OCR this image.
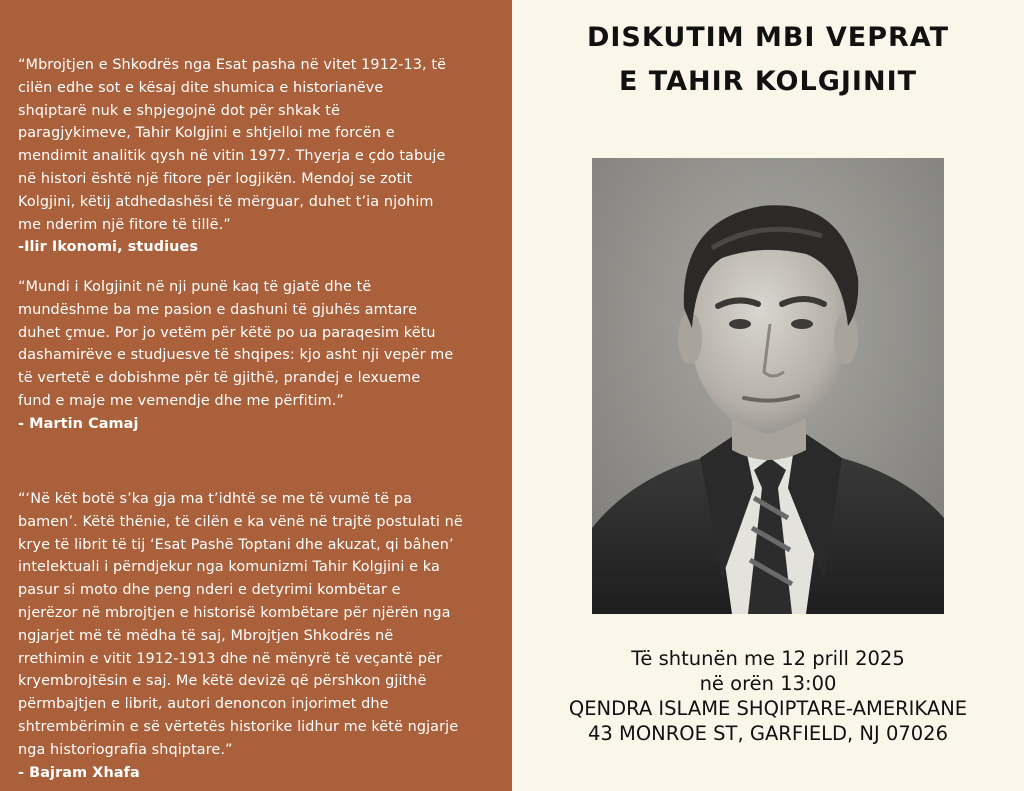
“Mbrojtjen e Shkodrës nga Esat pasha në vitet 1912-13, të
cilën edhe sot e kësaj dite shumica e historianëve
shqiptarë nuk e shpjegojnë dot për shkak të
paragjykimeve, Tahir Kolgjini e shtjelloi me forcën e
mendimit analitik qysh në vitin 1977. Thyerja e çdo tabuje
në histori është një fitore për logjikën. Mendoj se zotit
Kolgjini, këtij atdhedashësi të mërguar, duhet t’ia njohim
me nderim një fitore të tillë.”
-Ilir Ikonomi, studiues

“Mundi i Kolgjinit në nji punë kaq të gjatë dhe të
mundëshme ba me pasion e dashuni të gjuhës amtare
duhet çmue. Por jo vetëm për këtë po ua paraqesim këtu
dashamirëve e studjuesve të shqipes: kjo asht nji vepër me
të vertetë e dobishme për të gjithë, prandej e lexueme
fund e maje me vemendje dhe me përfitim.”
- Martin Camaj

“‘Në kët botë s’ka gja ma t’idhtë se me të vumë të pa
bamen’. Këtë thënie, të cilën e ka vënë në trajtë postulati në
krye të librit të tij ‘Esat Pashë Toptani dhe akuzat, qi bâhen’
intelektuali i përndjekur nga komunizmi Tahir Kolgjini e ka
pasur si moto dhe peng nderi e detyrimi kombëtar e
njerëzor në mbrojtjen e historisë kombëtare për njërën nga
ngjarjet më të mëdha të saj, Mbrojtjen Shkodrës në
rrethimin e vitit 1912-1913 dhe në mënyrë të veçantë për
kryembrojtësin e saj. Me këtë devizë që përshkon gjithë
përmbajtjen e librit, autori denoncon injorimet dhe
shtrembërimin e së vërtetës historike lidhur me këtë ngjarje
nga historiografia shqiptare.”
- Bajram Xhafa

DISKUTIM MBI VEPRAT
E TAHIR KOLGJINIT
Të shtunën me 12 prill 2025
në orën 13:00
QENDRA ISLAME SHQIPTARE-AMERIKANE
43 MONROE ST, GARFIELD, NJ 07026
